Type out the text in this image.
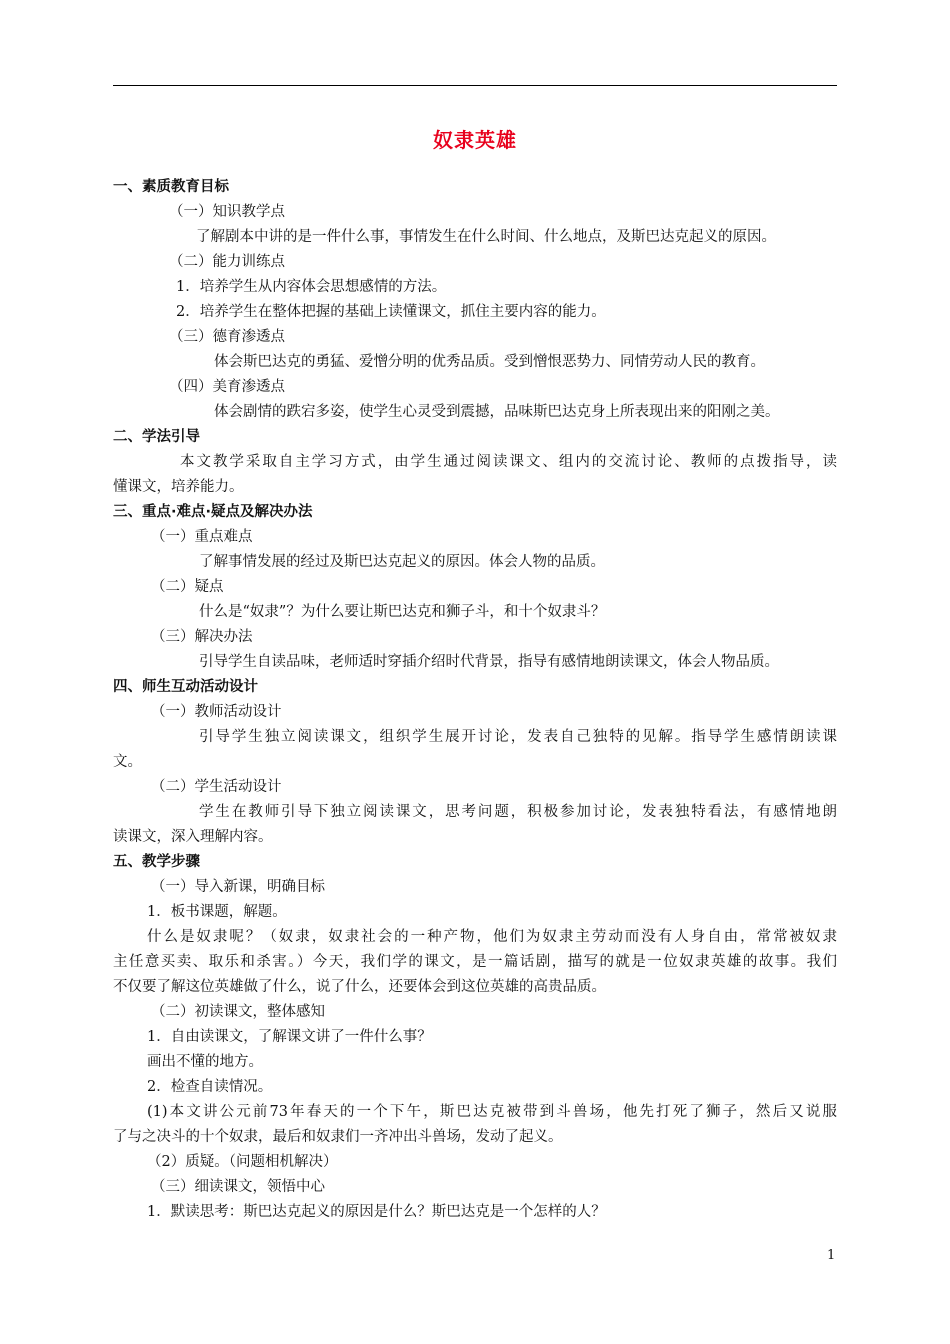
奴隶英雄
一、素质教育目标
（一）知识教学点
了解剧本中讲的是一件什么事，事情发生在什么时间、什么地点，及斯巴达克起义的原因。
（二）能力训练点
1．培养学生从内容体会思想感情的方法。
2．培养学生在整体把握的基础上读懂课文，抓住主要内容的能力。
（三）德育渗透点
体会斯巴达克的勇猛、爱憎分明的优秀品质。受到憎恨恶势力、同情劳动人民的教育。
（四）美育渗透点
体会剧情的跌宕多姿，使学生心灵受到震撼，品味斯巴达克身上所表现出来的阳刚之美。
二、学法引导
本文教学采取自主学习方式，由学生通过阅读课文、组内的交流讨论、教师的点拨指导，读
懂课文，培养能力。
三、重点·难点·疑点及解决办法
（一）重点难点
了解事情发展的经过及斯巴达克起义的原因。体会人物的品质。
（二）疑点
什么是“奴隶”？为什么要让斯巴达克和狮子斗，和十个奴隶斗？
（三）解决办法
引导学生自读品味，老师适时穿插介绍时代背景，指导有感情地朗读课文，体会人物品质。
四、师生互动活动设计
（一）教师活动设计
引导学生独立阅读课文，组织学生展开讨论，发表自己独特的见解。指导学生感情朗读课
文。
（二）学生活动设计
学生在教师引导下独立阅读课文，思考问题，积极参加讨论，发表独特看法，有感情地朗
读课文，深入理解内容。
五、教学步骤
（一）导入新课，明确目标
1．板书课题，解题。
什么是奴隶呢？（奴隶，奴隶社会的一种产物，他们为奴隶主劳动而没有人身自由，常常被奴隶
主任意买卖、取乐和杀害。）今天，我们学的课文，是一篇话剧，描写的就是一位奴隶英雄的故事。我们
不仅要了解这位英雄做了什么，说了什么，还要体会到这位英雄的高贵品质。
（二）初读课文，整体感知
1．自由读课文，了解课文讲了一件什么事？
画出不懂的地方。
2．检查自读情况。
(1)本文讲公元前73年春天的一个下午，斯巴达克被带到斗兽场，他先打死了狮子，然后又说服
了与之决斗的十个奴隶，最后和奴隶们一齐冲出斗兽场，发动了起义。
（2）质疑。（问题相机解决）
（三）细读课文，领悟中心
1．默读思考：斯巴达克起义的原因是什么？斯巴达克是一个怎样的人？
1
